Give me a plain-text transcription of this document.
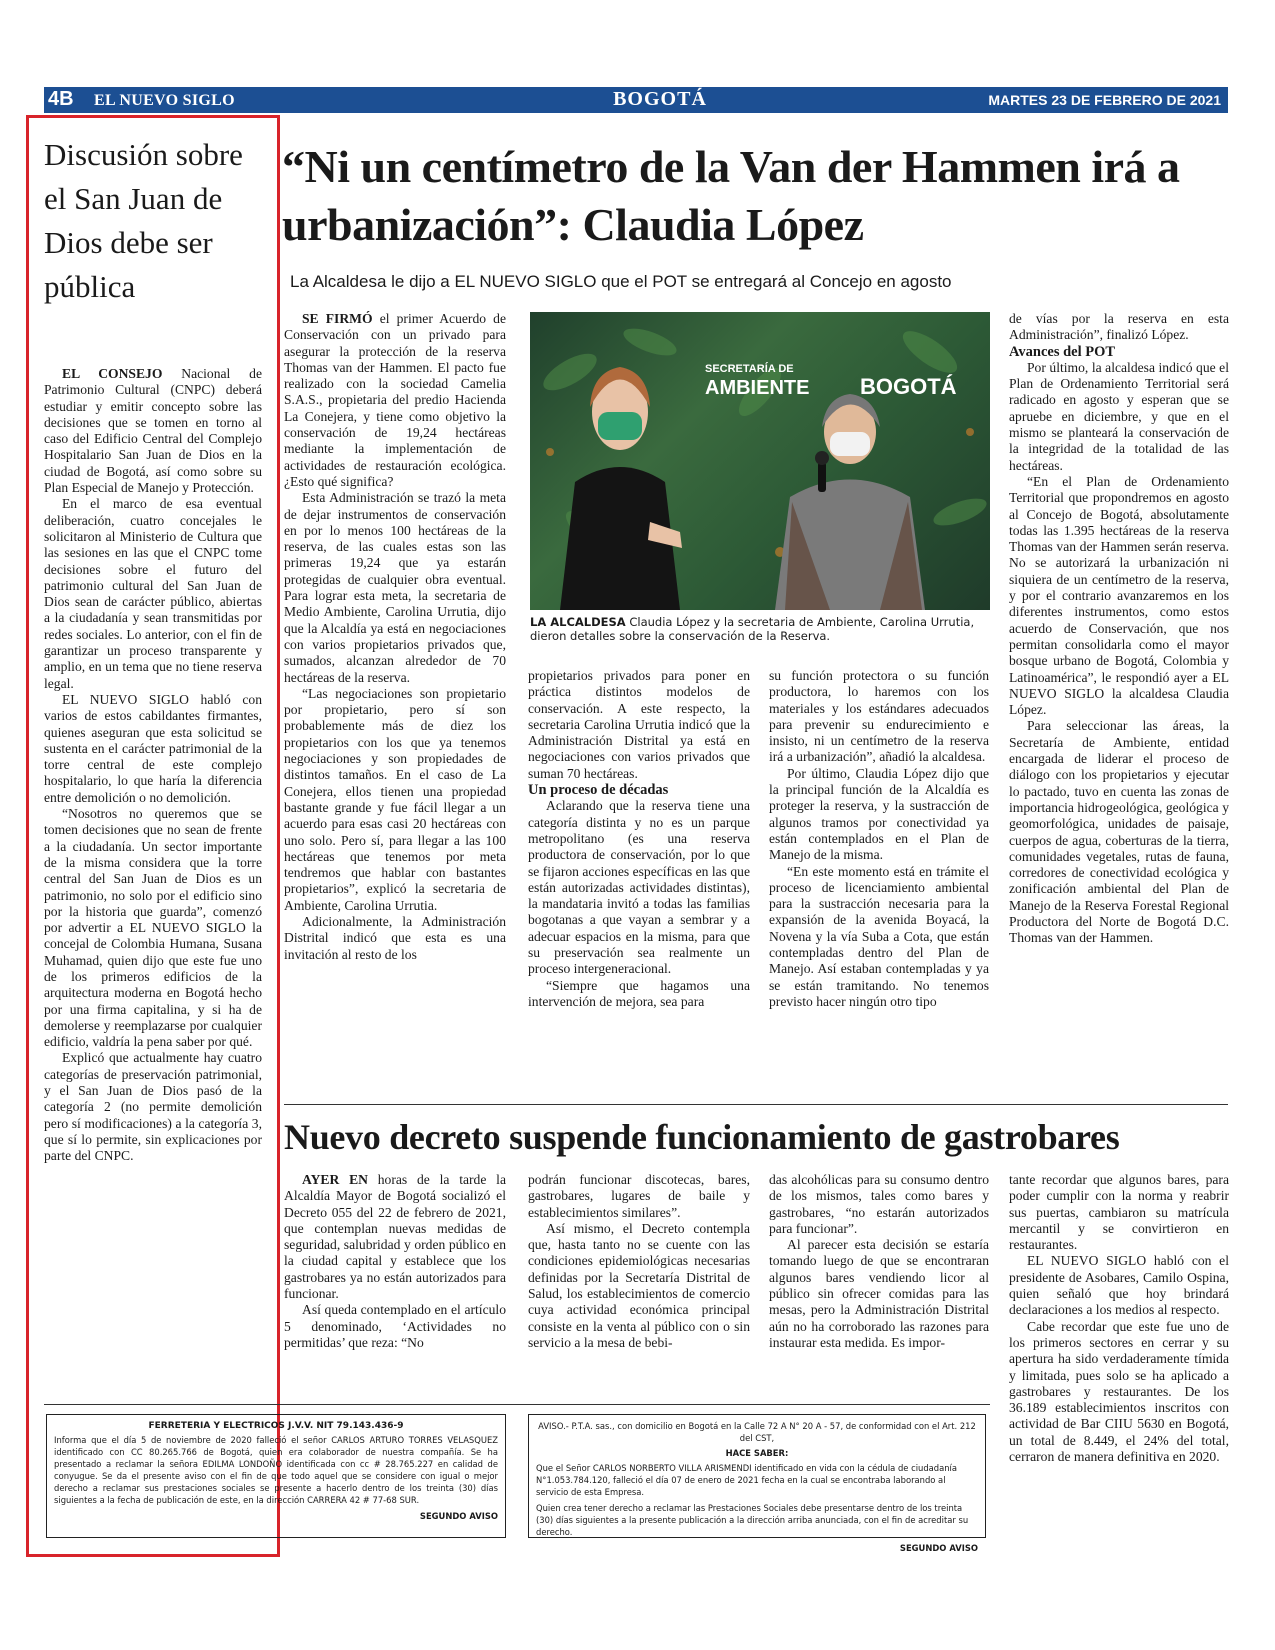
4B EL NUEVO SIGLO	BOGOTÁ	MARTES 23 DE FEBRERO DE 2021
Discusión sobre el San Juan de Dios debe ser pública

EL CONSEJO Nacional de Patrimonio Cultural (CNPC) deberá estudiar y emitir concepto sobre las decisiones que se tomen en torno al caso del Edificio Central del Complejo Hospitalario San Juan de Dios en la ciudad de Bogotá, así como sobre su Plan Especial de Manejo y Protección.

En el marco de esa eventual deliberación, cuatro concejales le solicitaron al Ministerio de Cultura que las sesiones en las que el CNPC tome decisiones sobre el futuro del patrimonio cultural del San Juan de Dios sean de carácter público, abiertas a la ciudadanía y sean transmitidas por redes sociales. Lo anterior, con el fin de garantizar un proceso transparente y amplio, en un tema que no tiene reserva legal.

EL NUEVO SIGLO habló con varios de estos cabildantes firmantes, quienes aseguran que esta solicitud se sustenta en el carácter patrimonial de la torre central de este complejo hospitalario, lo que haría la diferencia entre demolición o no demolición.

“Nosotros no queremos que se tomen decisiones que no sean de frente a la ciudadanía. Un sector importante de la misma considera que la torre central del San Juan de Dios es un patrimonio, no solo por el edificio sino por la historia que guarda”, comenzó por advertir a EL NUEVO SIGLO la concejal de Colombia Humana, Susana Muhamad, quien dijo que este fue uno de los primeros edificios de la arquitectura moderna en Bogotá hecho por una firma capitalina, y si ha de demolerse y reemplazarse por cualquier edificio, valdría la pena saber por qué.

Explicó que actualmente hay cuatro categorías de preservación patrimonial, y el San Juan de Dios pasó de la categoría 2 (no permite demolición pero sí modificaciones) a la categoría 3, que sí lo permite, sin explicaciones por parte del CNPC.

“Ni un centímetro de la Van der Hammen irá a urbanización”: Claudia López
La Alcaldesa le dijo a EL NUEVO SIGLO que el POT se entregará al Concejo en agosto

SE FIRMÓ el primer Acuerdo de Conservación con un privado para asegurar la protección de la reserva Thomas van der Hammen. El pacto fue realizado con la sociedad Camelia S.A.S., propietaria del predio Hacienda La Conejera, y tiene como objetivo la conservación de 19,24 hectáreas mediante la implementación de actividades de restauración ecológica. ¿Esto qué significa?

Esta Administración se trazó la meta de dejar instrumentos de conservación en por lo menos 100 hectáreas de la reserva, de las cuales estas son las primeras 19,24 que ya estarán protegidas de cualquier obra eventual. Para lograr esta meta, la secretaria de Medio Ambiente, Carolina Urrutia, dijo que la Alcaldía ya está en negociaciones con varios propietarios privados que, sumados, alcanzan alrededor de 70 hectáreas de la reserva.

“Las negociaciones son propietario por propietario, pero sí son probablemente más de diez los propietarios con los que ya tenemos negociaciones y son propiedades de distintos tamaños. En el caso de La Conejera, ellos tienen una propiedad bastante grande y fue fácil llegar a un acuerdo para esas casi 20 hectáreas con uno solo. Pero sí, para llegar a las 100 hectáreas que tenemos por meta tendremos que hablar con bastantes propietarios”, explicó la secretaria de Ambiente, Carolina Urrutia.

Adicionalmente, la Administración Distrital indicó que esta es una invitación al resto de los

SECRETARÍA DE
AMBIENTE BOGOTÁ
LA ALCALDESA Claudia López y la secretaria de Ambiente, Carolina Urrutia, dieron detalles sobre la conservación de la Reserva.

propietarios privados para poner en práctica distintos modelos de conservación. A este respecto, la secretaria Carolina Urrutia indicó que la Administración Distrital ya está en negociaciones con varios privados que suman 70 hectáreas.

Un proceso de décadas

Aclarando que la reserva tiene una categoría distinta y no es un parque metropolitano (es una reserva productora de conservación, por lo que se fijaron acciones específicas en las que están autorizadas actividades distintas), la mandataria invitó a todas las familias bogotanas a que vayan a sembrar y a adecuar espacios en la misma, para que su preservación sea realmente un proceso intergeneracional.

“Siempre que hagamos una intervención de mejora, sea para

su función protectora o su función productora, lo haremos con los materiales y los estándares adecuados para prevenir su endurecimiento e insisto, ni un centímetro de la reserva irá a urbanización”, añadió la alcaldesa.

Por último, Claudia López dijo que la principal función de la Alcaldía es proteger la reserva, y la sustracción de algunos tramos por conectividad ya están contemplados en el Plan de Manejo de la misma.

“En este momento está en trámite el proceso de licenciamiento ambiental para la sustracción necesaria para la expansión de la avenida Boyacá, la Novena y la vía Suba a Cota, que están contempladas dentro del Plan de Manejo. Así estaban contempladas y ya se están tramitando. No tenemos previsto hacer ningún otro tipo

de vías por la reserva en esta Administración”, finalizó López.

Avances del POT

Por último, la alcaldesa indicó que el Plan de Ordenamiento Territorial será radicado en agosto y esperan que se apruebe en diciembre, y que en el mismo se planteará la conservación de la integridad de la totalidad de las hectáreas.

“En el Plan de Ordenamiento Territorial que propondremos en agosto al Concejo de Bogotá, absolutamente todas las 1.395 hectáreas de la reserva Thomas van der Hammen serán reserva. No se autorizará la urbanización ni siquiera de un centímetro de la reserva, y por el contrario avanzaremos en los diferentes instrumentos, como estos acuerdo de Conservación, que nos permitan consolidarla como el mayor bosque urbano de Bogotá, Colombia y Latinoamérica”, le respondió ayer a EL NUEVO SIGLO la alcaldesa Claudia López.

Para seleccionar las áreas, la Secretaría de Ambiente, entidad encargada de liderar el proceso de diálogo con los propietarios y ejecutar lo pactado, tuvo en cuenta las zonas de importancia hidrogeológica, geológica y geomorfológica, unidades de paisaje, cuerpos de agua, coberturas de la tierra, comunidades vegetales, rutas de fauna, corredores de conectividad ecológica y zonificación ambiental del Plan de Manejo de la Reserva Forestal Regional Productora del Norte de Bogotá D.C. Thomas van der Hammen.

Nuevo decreto suspende funcionamiento de gastrobares

AYER EN horas de la tarde la Alcaldía Mayor de Bogotá socializó el Decreto 055 del 22 de febrero de 2021, que contemplan nuevas medidas de seguridad, salubridad y orden público en la ciudad capital y establece que los gastrobares ya no están autorizados para funcionar.

Así queda contemplado en el artículo 5 denominado, ‘Actividades no permitidas’ que reza: “No

podrán funcionar discotecas, bares, gastrobares, lugares de baile y establecimientos similares”.

Así mismo, el Decreto contempla que, hasta tanto no se cuente con las condiciones epidemiológicas necesarias definidas por la Secretaría Distrital de Salud, los establecimientos de comercio cuya actividad económica principal consiste en la venta al público con o sin servicio a la mesa de bebi-

das alcohólicas para su consumo dentro de los mismos, tales como bares y gastrobares, “no estarán autorizados para funcionar”.

Al parecer esta decisión se estaría tomando luego de que se encontraran algunos bares vendiendo licor al público sin ofrecer comidas para las mesas, pero la Administración Distrital aún no ha corroborado las razones para instaurar esta medida. Es impor-

tante recordar que algunos bares, para poder cumplir con la norma y reabrir sus puertas, cambiaron su matrícula mercantil y se convirtieron en restaurantes.

EL NUEVO SIGLO habló con el presidente de Asobares, Camilo Ospina, quien señaló que hoy brindará declaraciones a los medios al respecto.

Cabe recordar que este fue uno de los primeros sectores en cerrar y su apertura ha sido verdaderamente tímida y limitada, pues solo se ha aplicado a gastrobares y restaurantes. De los 36.189 establecimientos inscritos con actividad de Bar CIIU 5630 en Bogotá, un total de 8.449, el 24% del total, cerraron de manera definitiva en 2020.

FERRETERIA Y ELECTRICOS J.V.V. NIT 79.143.436-9
Informa que el día 5 de noviembre de 2020 falleció el señor CARLOS ARTURO TORRES VELASQUEZ identificado con CC 80.265.766 de Bogotá, quien era colaborador de nuestra compañía. Se ha presentado a reclamar la señora EDILMA LONDOÑO identificada con cc # 28.765.227 en calidad de conyugue. Se da el presente aviso con el fin de que todo aquel que se considere con igual o mejor derecho a reclamar sus prestaciones sociales se presente a hacerlo dentro de los treinta (30) días siguientes a la fecha de publicación de este, en la dirección CARRERA 42 # 77-68 SUR.
SEGUNDO AVISO
AVISO.- P.T.A. sas., con domicilio en Bogotá en la Calle 72 A N° 20 A - 57, de conformidad con el Art. 212 del CST,
HACE SABER:
Que el Señor CARLOS NORBERTO VILLA ARISMENDI identificado en vida con la cédula de ciudadanía N°1.053.784.120, falleció el día 07 de enero de 2021 fecha en la cual se encontraba laborando al servicio de esta Empresa.
Quien crea tener derecho a reclamar las Prestaciones Sociales debe presentarse dentro de los treinta (30) días siguientes a la presente publicación a la dirección arriba anunciada, con el fin de acreditar su derecho.
SEGUNDO AVISO
